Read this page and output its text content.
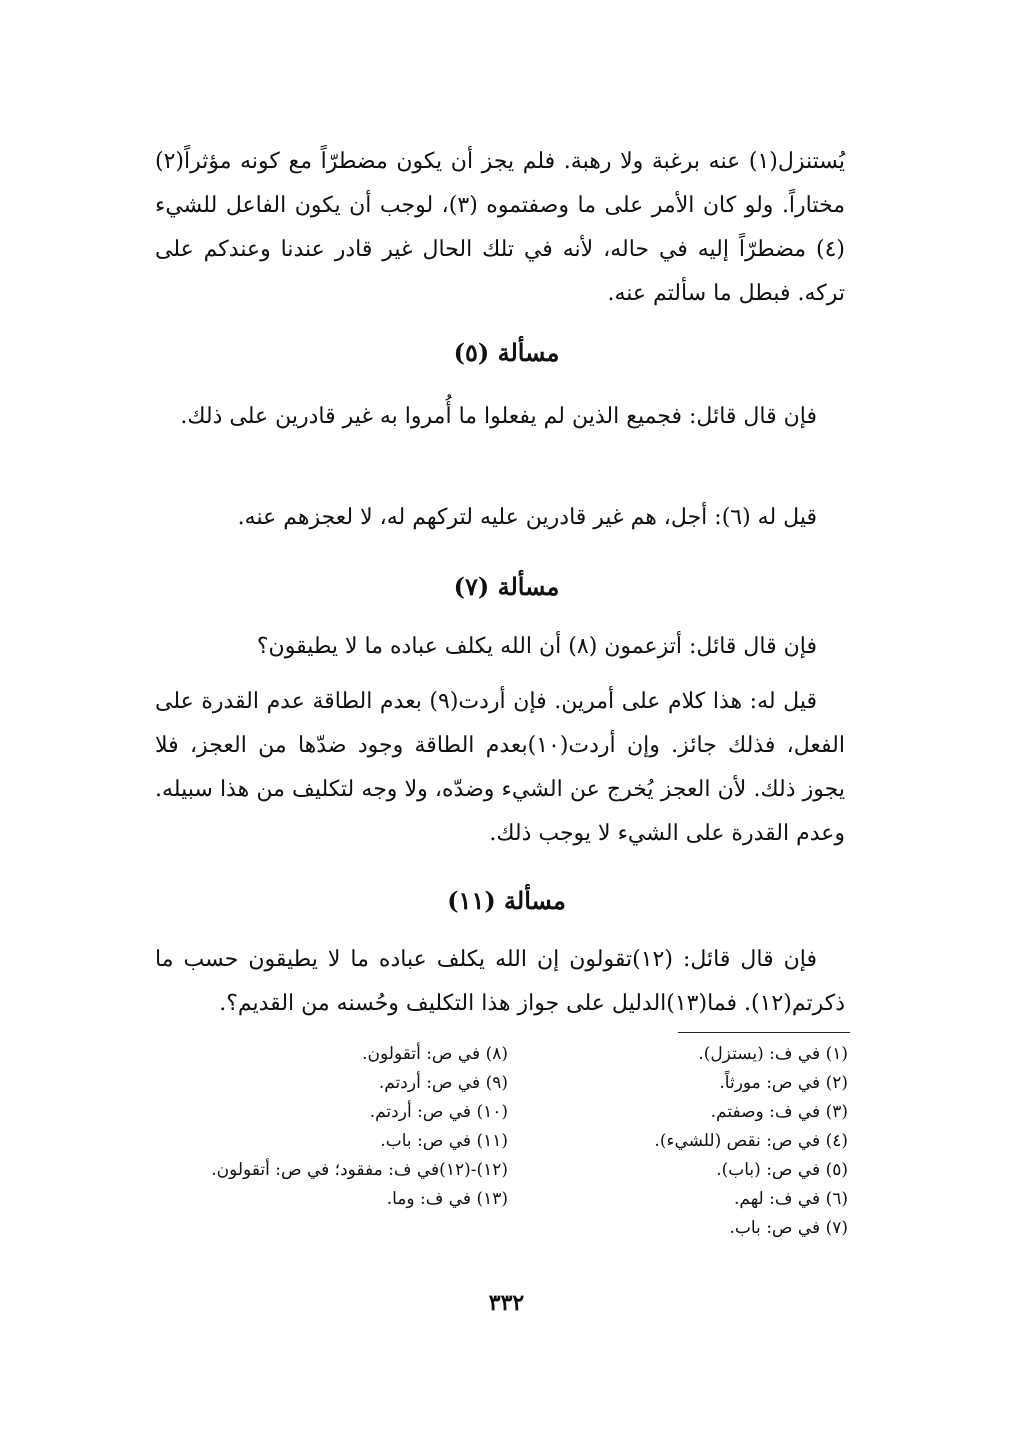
يُستنزل(١) عنه برغبة ولا رهبة. فلم يجز أن يكون مضطرّاً مع كونه مؤثراً(٢) مختاراً. ولو كان الأمر على ما وصفتموه (٣)، لوجب أن يكون الفاعل للشيء (٤) مضطرّاً إليه في حاله، لأنه في تلك الحال غير قادر عندنا وعندكم على تركه. فبطل ما سألتم عنه.

مسألة (٥)

فإن قال قائل: فجميع الذين لم يفعلوا ما أُمروا به غير قادرين على ذلك.

قيل له (٦): أجل، هم غير قادرين عليه لتركهم له، لا لعجزهم عنه.

مسألة (٧)

فإن قال قائل: أتزعمون (٨) أن الله يكلف عباده ما لا يطيقون؟

قيل له: هذا كلام على أمرين. فإن أردت(٩) بعدم الطاقة عدم القدرة على الفعل، فذلك جائز. وإن أردت(١٠)بعدم الطاقة وجود ضدّها من العجز، فلا يجوز ذلك. لأن العجز يُخرج عن الشيء وضدّه، ولا وجه لتكليف من هذا سبيله. وعدم القدرة على الشيء لا يوجب ذلك.

مسألة (١١)

فإن قال قائل: (١٢)تقولون إن الله يكلف عباده ما لا يطيقون حسب ما ذكرتم(١٢). فما(١٣)الدليل على جواز هذا التكليف وحُسنه من القديم؟.

(١) في ف: (يستزل).
(٢) في ص: مورثاً.
(٣) في ف: وصفتم.
(٤) في ص: نقص (للشيء).
(٥) في ص: (باب).
(٦) في ف: لهم.
(٧) في ص: باب.
(٨) في ص: أتقولون.
(٩) في ص: أردتم.
(١٠) في ص: أردتم.
(١١) في ص: باب.
(١٢)-(١٢)في ف: مفقود؛ في ص: أتقولون.
(١٣) في ف: وما.
٣٣٢
